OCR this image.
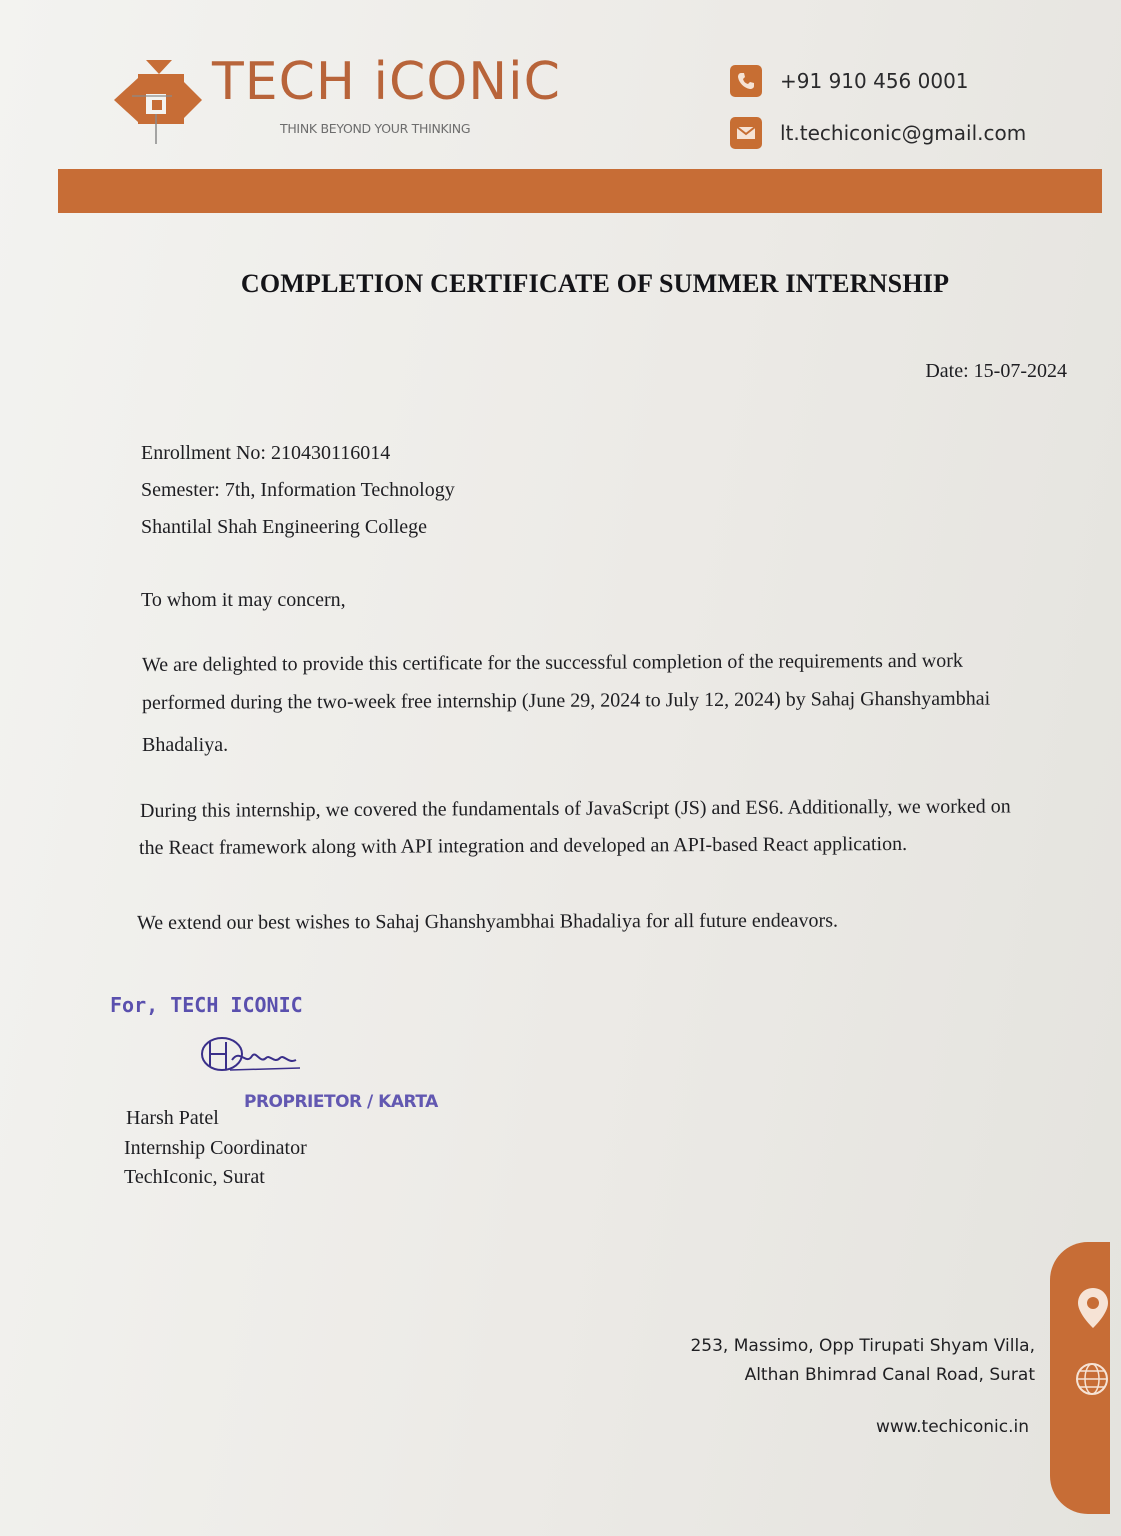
TECH iCONiC
THINK BEYOND YOUR THINKING
+91 910 456 0001
lt.techiconic@gmail.com
COMPLETION CERTIFICATE OF SUMMER INTERNSHIP
Date: 15-07-2024
Enrollment No: 210430116014
Semester: 7th, Information Technology
Shantilal Shah Engineering College
To whom it may concern,
We are delighted to provide this certificate for the successful completion of the requirements and work
performed during the two-week free internship (June 29, 2024 to July 12, 2024) by Sahaj Ghanshyambhai
Bhadaliya.
During this internship, we covered the fundamentals of JavaScript (JS) and ES6. Additionally, we worked on
the React framework along with API integration and developed an API-based React application.
We extend our best wishes to Sahaj Ghanshyambhai Bhadaliya for all future endeavors.
For, TECH ICONIC
PROPRIETOR / KARTA
Harsh Patel
Internship Coordinator
TechIconic, Surat
253, Massimo, Opp Tirupati Shyam Villa,
Althan Bhimrad Canal Road, Surat
www.techiconic.in
